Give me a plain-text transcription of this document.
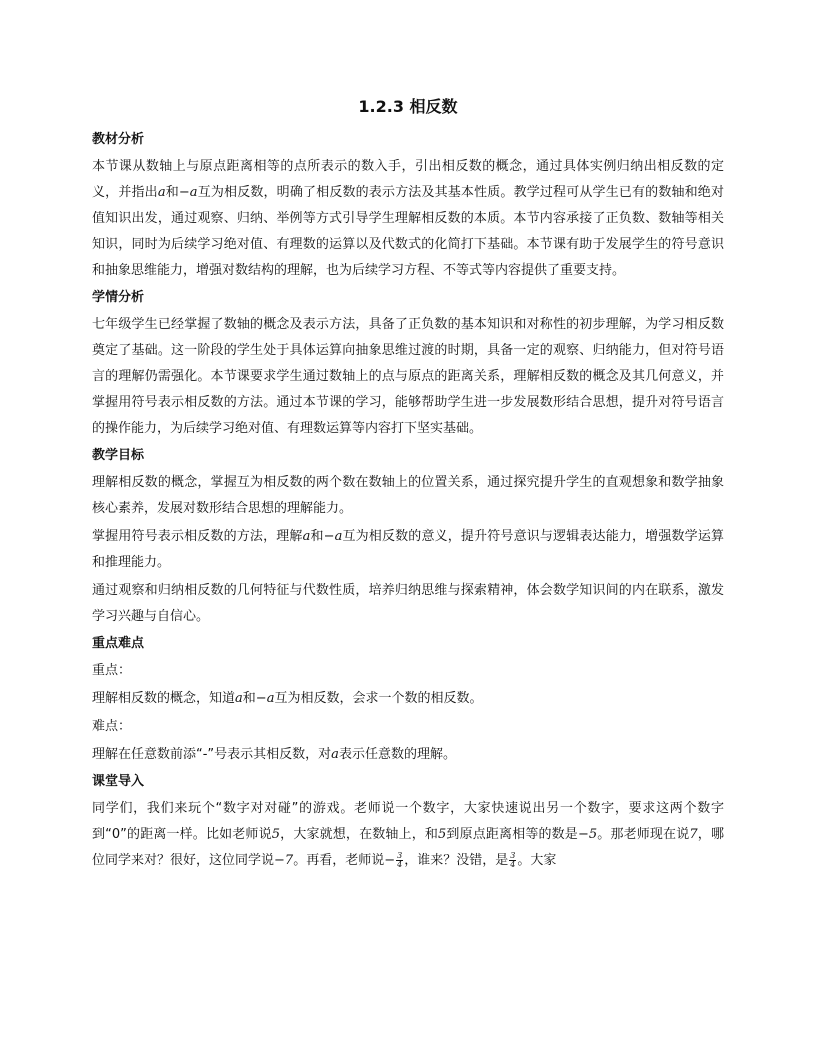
1.2.3 相反数
教材分析

本节课从数轴上与原点距离相等的点所表示的数入手，引出相反数的概念，通过具体实例归纳出相反数的定义，并指出a和−a互为相反数，明确了相反数的表示方法及其基本性质。教学过程可从学生已有的数轴和绝对值知识出发，通过观察、归纳、举例等方式引导学生理解相反数的本质。本节内容承接了正负数、数轴等相关知识，同时为后续学习绝对值、有理数的运算以及代数式的化简打下基础。本节课有助于发展学生的符号意识和抽象思维能力，增强对数结构的理解，也为后续学习方程、不等式等内容提供了重要支持。

学情分析

七年级学生已经掌握了数轴的概念及表示方法，具备了正负数的基本知识和对称性的初步理解，为学习相反数奠定了基础。这一阶段的学生处于具体运算向抽象思维过渡的时期，具备一定的观察、归纳能力，但对符号语言的理解仍需强化。本节课要求学生通过数轴上的点与原点的距离关系，理解相反数的概念及其几何意义，并掌握用符号表示相反数的方法。通过本节课的学习，能够帮助学生进一步发展数形结合思想，提升对符号语言的操作能力，为后续学习绝对值、有理数运算等内容打下坚实基础。

教学目标

理解相反数的概念，掌握互为相反数的两个数在数轴上的位置关系，通过探究提升学生的直观想象和数学抽象核心素养，发展对数形结合思想的理解能力。

掌握用符号表示相反数的方法，理解a和−a互为相反数的意义，提升符号意识与逻辑表达能力，增强数学运算和推理能力。

通过观察和归纳相反数的几何特征与代数性质，培养归纳思维与探索精神，体会数学知识间的内在联系，激发学习兴趣与自信心。

重点难点

重点：

理解相反数的概念，知道a和−a互为相反数，会求一个数的相反数。

难点：

理解在任意数前添“-”号表示其相反数，对a表示任意数的理解。

课堂导入

同学们，我们来玩个“数字对对碰”的游戏。老师说一个数字，大家快速说出另一个数字，要求这两个数字到“0”的距离一样。比如老师说5，大家就想，在数轴上，和5到原点距离相等的数是−5。那老师现在说7，哪位同学来对？很好，这位同学说−7。再看，老师说− $\frac{3}{4}$ ，谁来？没错，是 $\frac{3}{4}$ 。大家
